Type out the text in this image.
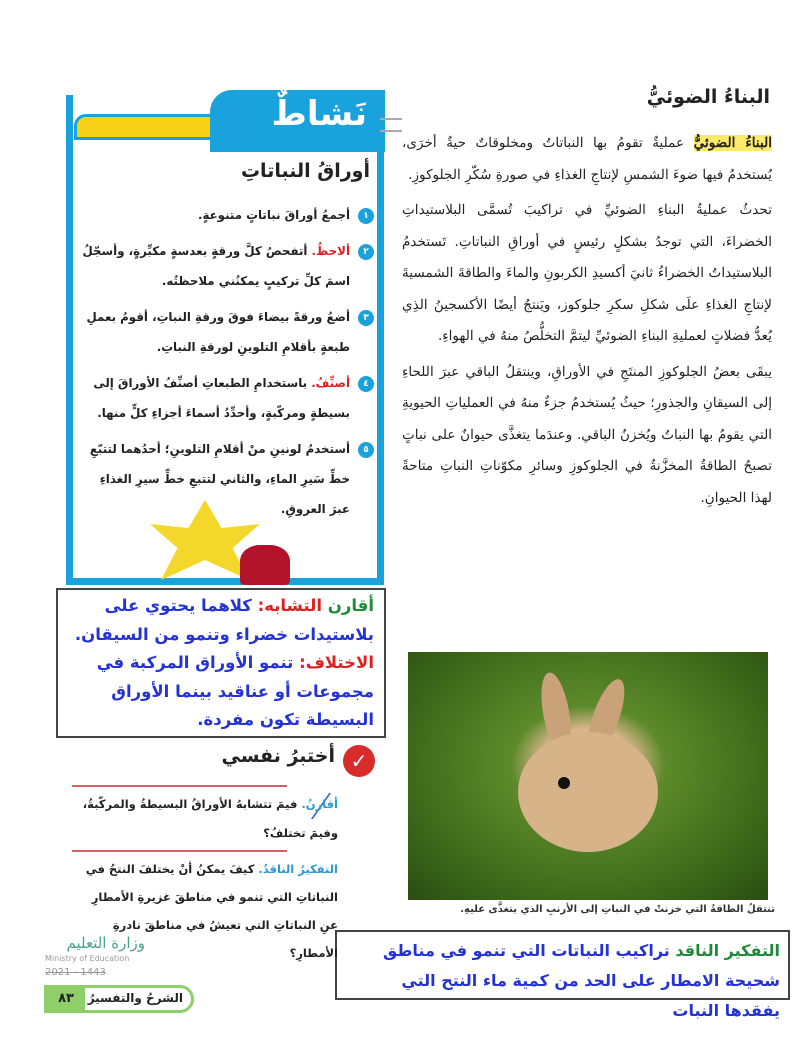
البناءُ الضوئيُّ

البناءُ الضوئيُّ عمليةٌ تقومُ بها النباتاتُ ومخلوقاتٌ حيةٌ أخرَى، يُستخدمُ فيها ضوءَ الشمسِ لإنتاجِ الغذاءِ في صورةِ سُكّرِ الجلوكوزِ.

تحدثُ عمليةُ البناءِ الضوئيِّ في تراكيبَ تُسمَّى البلاستيداتِ الخضراءَ، التي توجدُ بشكلٍ رئيسٍ في أوراقِ النباتاتِ. تَستخدمُ البلاستيداتُ الخضراءُ ثانيَ أكسيدِ الكربونِ والماءَ والطاقةَ الشمسيةَ لإنتاجِ الغذاءِ علَى شكلِ سكرِ جلوكوز، ويَنتجُ أيضًا الأكسجينُ الذِي يُعدُّ فضلاتٍ لعمليةِ البناءِ الضوئيِّ ليتمَّ التخلُّصُ منهُ في الهواءِ.

يبقَى بعضُ الجلوكوزِ المنتَجِ في الأوراقِ، وينتقلُ الباقي عبرَ اللحاءِ إلى السيقانِ والجذورِ؛ حيثُ يُستخدمُ جزءٌ منهُ في العملياتِ الحيويةِ التي يقومُ بها النباتُ ويُخزنُ الباقي. وعندَما يتغذَّى حيوانٌ على نباتٍ تصبحُ الطاقةُ المخزَّنةُ في الجلوكوزِ وسائرِ مكوّناتِ النباتِ متاحةً لهذا الحيوانِ.

تنتقلُ الطاقةُ التي خزنتْ في النباتِ إلى الأرنبِ الذي يتغذَّى عليهِ.
التفكير الناقد تراكيب النباتات التي تنمو في مناطق شحيحة الامطار على الحد من كمية ماء النتح التي يفقدها النبات
نَشاطٌ
أوراقُ النباتاتِ
١
أجمعُ أوراقَ نباتاتٍ متنوعةٍ.
٢
ألاحظُ. أتفحصُ كلَّ ورقةٍ بعدسةٍ مكبِّرةٍ، وأسجّلُ اسمَ كلِّ تركيبٍ يمكنُني ملاحظتُه.
٣
أضعُ ورقةً بيضاءَ فوقَ ورقةِ النباتِ، أقومُ بعملِ طبعةٍ بأقلامِ التلوينِ لورقةِ النباتِ.
٤
أصنِّفُ. باستخدامِ الطبعاتِ أصنِّفُ الأوراقَ إلى بسيطةٍ ومركّبةٍ، وأحدِّدُ أسماءَ أجزاءِ كلٍّ منها.
٥
أستخدمُ لونينِ منْ أقلامِ التلوينِ؛ أحدُهما لتتبّعِ خطِّ سَيرِ الماءِ، والثاني لتتبعِ خطِّ سيرِ الغذاءِ عبرَ العروقِ.
أقارن التشابه: كلاهما يحتوي على بلاستيدات خضراء وتنمو من السيقان. الاختلاف: تنمو الأوراق المركبة في مجموعات أو عناقيد بينما الأوراق البسيطة تكون مفردة.
✓
أختبرُ نفسي
أقارنُ. فيمَ تتشابهُ الأوراقُ البسيطةُ والمركّبةُ، وفيمَ تختلفُ؟
التفكيرُ الناقدُ. كيفَ يمكنُ أنْ يختلفَ النتحُ في النباتاتِ التي تنمو في مناطقَ غزيرةِ الأمطارِ عنِ النباتاتِ التي تعيشُ في مناطقَ نادرةِ الأمطارِ؟
وزارة التعليم
Ministry of Education
2021 - 1443
٨٣	الشرحُ والتفسيرُ
